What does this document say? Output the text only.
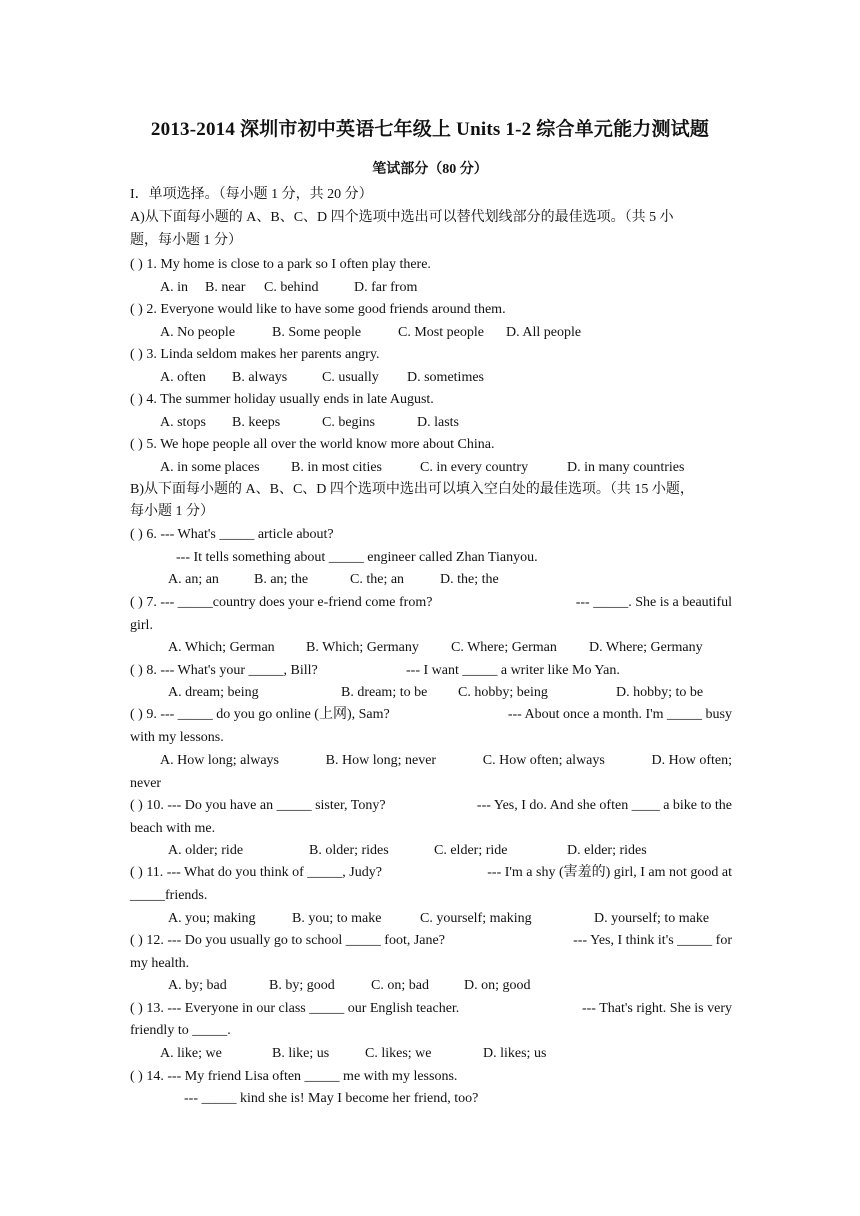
2013-2014 深圳市初中英语七年级上 Units 1-2 综合单元能力测试题
笔试部分（80 分）
I．单项选择。（每小题 1 分，共 20 分）
A)从下面每小题的 A、B、C、D 四个选项中选出可以替代划线部分的最佳选项。（共 5 小
题，每小题 1 分）
( ) 1. My home is close to a park so I often play there.
A. in B. near C. behind	D. far from
( ) 2. Everyone would like to have some good friends around them.
A. No people	B. Some people	C. Most people D. All people
( ) 3. Linda seldom makes her parents angry.
A. often B. always C. usually D. sometimes
( ) 4. The summer holiday usually ends in late August.
A. stops B. keeps	C. begins	D. lasts
( ) 5. We hope people all over the world know more about China.
A. in some places B. in most cities	C. in every country	D. in many countries
B)从下面每小题的 A、B、C、D 四个选项中选出可以填入空白处的最佳选项。（共 15 小题，
每小题 1 分）
( ) 6. --- What's _____ article about?
--- It tells something about _____ engineer called Zhan Tianyou.
A. an; an	B. an; the	C. the; an	D. the; the
( ) 7. --- _____country does your e-friend come from?	--- _____. She is a beautiful
girl.
A. Which; German B. Which; Germany C. Where; German D. Where; Germany
( ) 8. --- What's your _____, Bill?	--- I want _____ a writer like Mo Yan.
A. dream; being	B. dream; to be C. hobby; being	D. hobby; to be
( ) 9. --- _____ do you go online (上网), Sam?	--- About once a month. I'm _____ busy
with my lessons.
A. How long; always	B. How long; never	C. How often; always	D. How often;
never
( ) 10. --- Do you have an _____ sister, Tony?	--- Yes, I do. And she often ____ a bike to the
beach with me.
A. older; ride	B. older; rides	C. elder; ride	D. elder; rides
( ) 11. --- What do you think of _____, Judy?	--- I'm a shy (害羞的) girl, I am not good at
_____friends.
A. you; making	B. you; to make	C. yourself; making	D. yourself; to make
( ) 12. --- Do you usually go to school _____ foot, Jane?	--- Yes, I think it's _____ for
my health.
A. by; bad	B. by; good	C. on; bad	D. on; good
( ) 13. --- Everyone in our class _____ our English teacher.	--- That's right. She is very
friendly to _____.
A. like; we	B. like; us	C. likes; we	D. likes; us
( ) 14. --- My friend Lisa often _____ me with my lessons.
--- _____ kind she is! May I become her friend, too?
